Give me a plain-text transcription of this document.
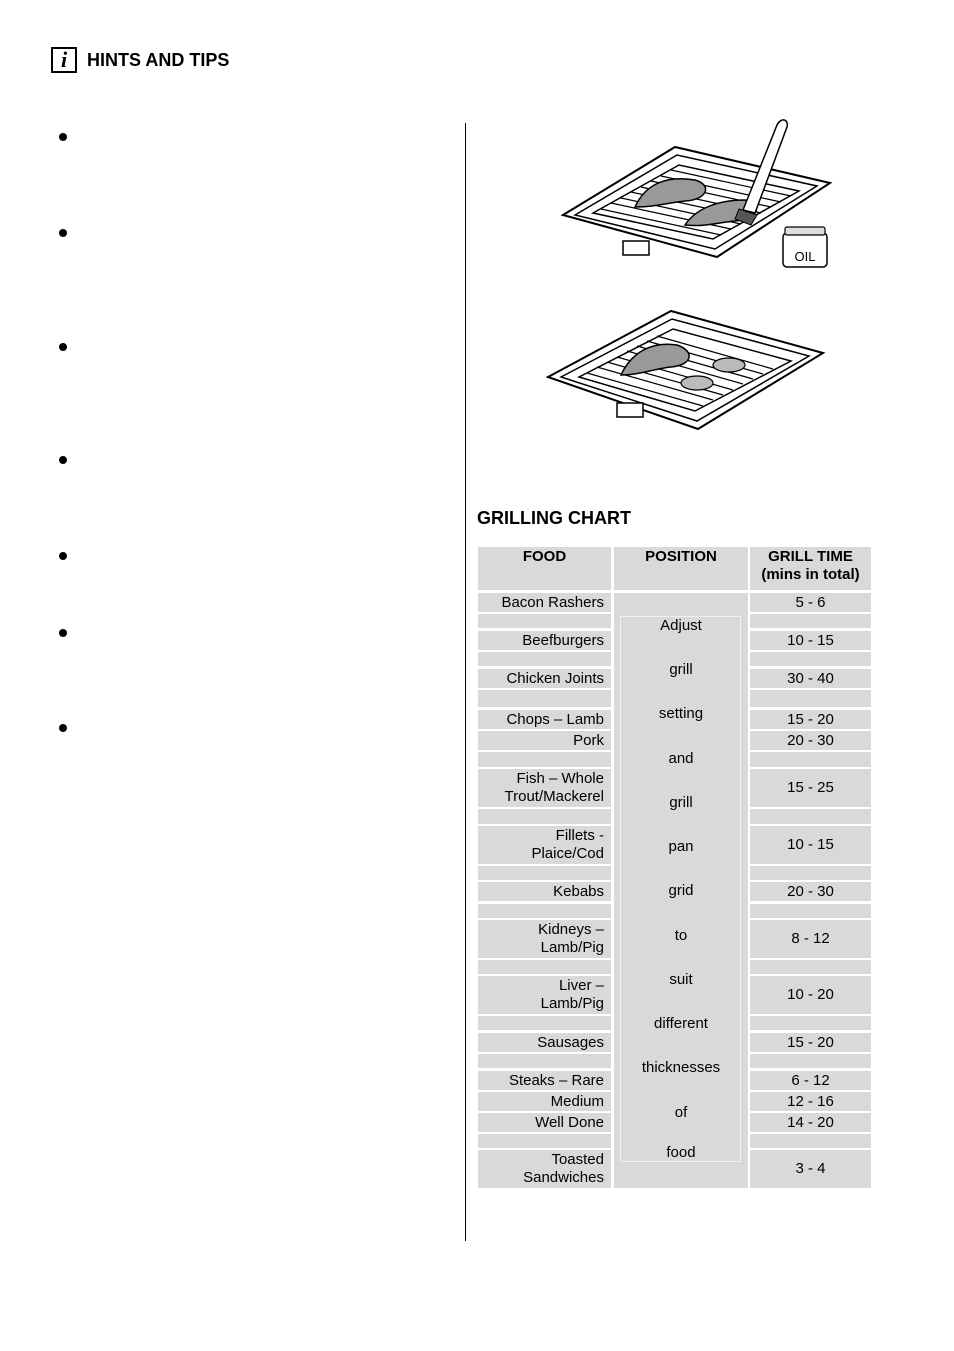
i	HINTS AND TIPS
OIL
GRILLING CHART
FOOD	POSITION	GRILL TIME
(mins in total)
Adjust
grill
setting
and
grill
pan
grid
to
suit
different
thicknesses
of
food
Bacon Rashers	5 - 6
Beefburgers	10 - 15
Chicken Joints	30 - 40
Chops – Lamb	15 - 20
Pork	20 - 30
Fish – Whole
Trout/Mackerel
15 - 25
Fillets -
Plaice/Cod
10 - 15
Kebabs	20 - 30
Kidneys –
Lamb/Pig
8 - 12
Liver –
Lamb/Pig
10 - 20
Sausages	15 - 20
Steaks – Rare	6 - 12
Medium	12 - 16
Well Done	14 - 20
Toasted
Sandwiches
3 - 4
